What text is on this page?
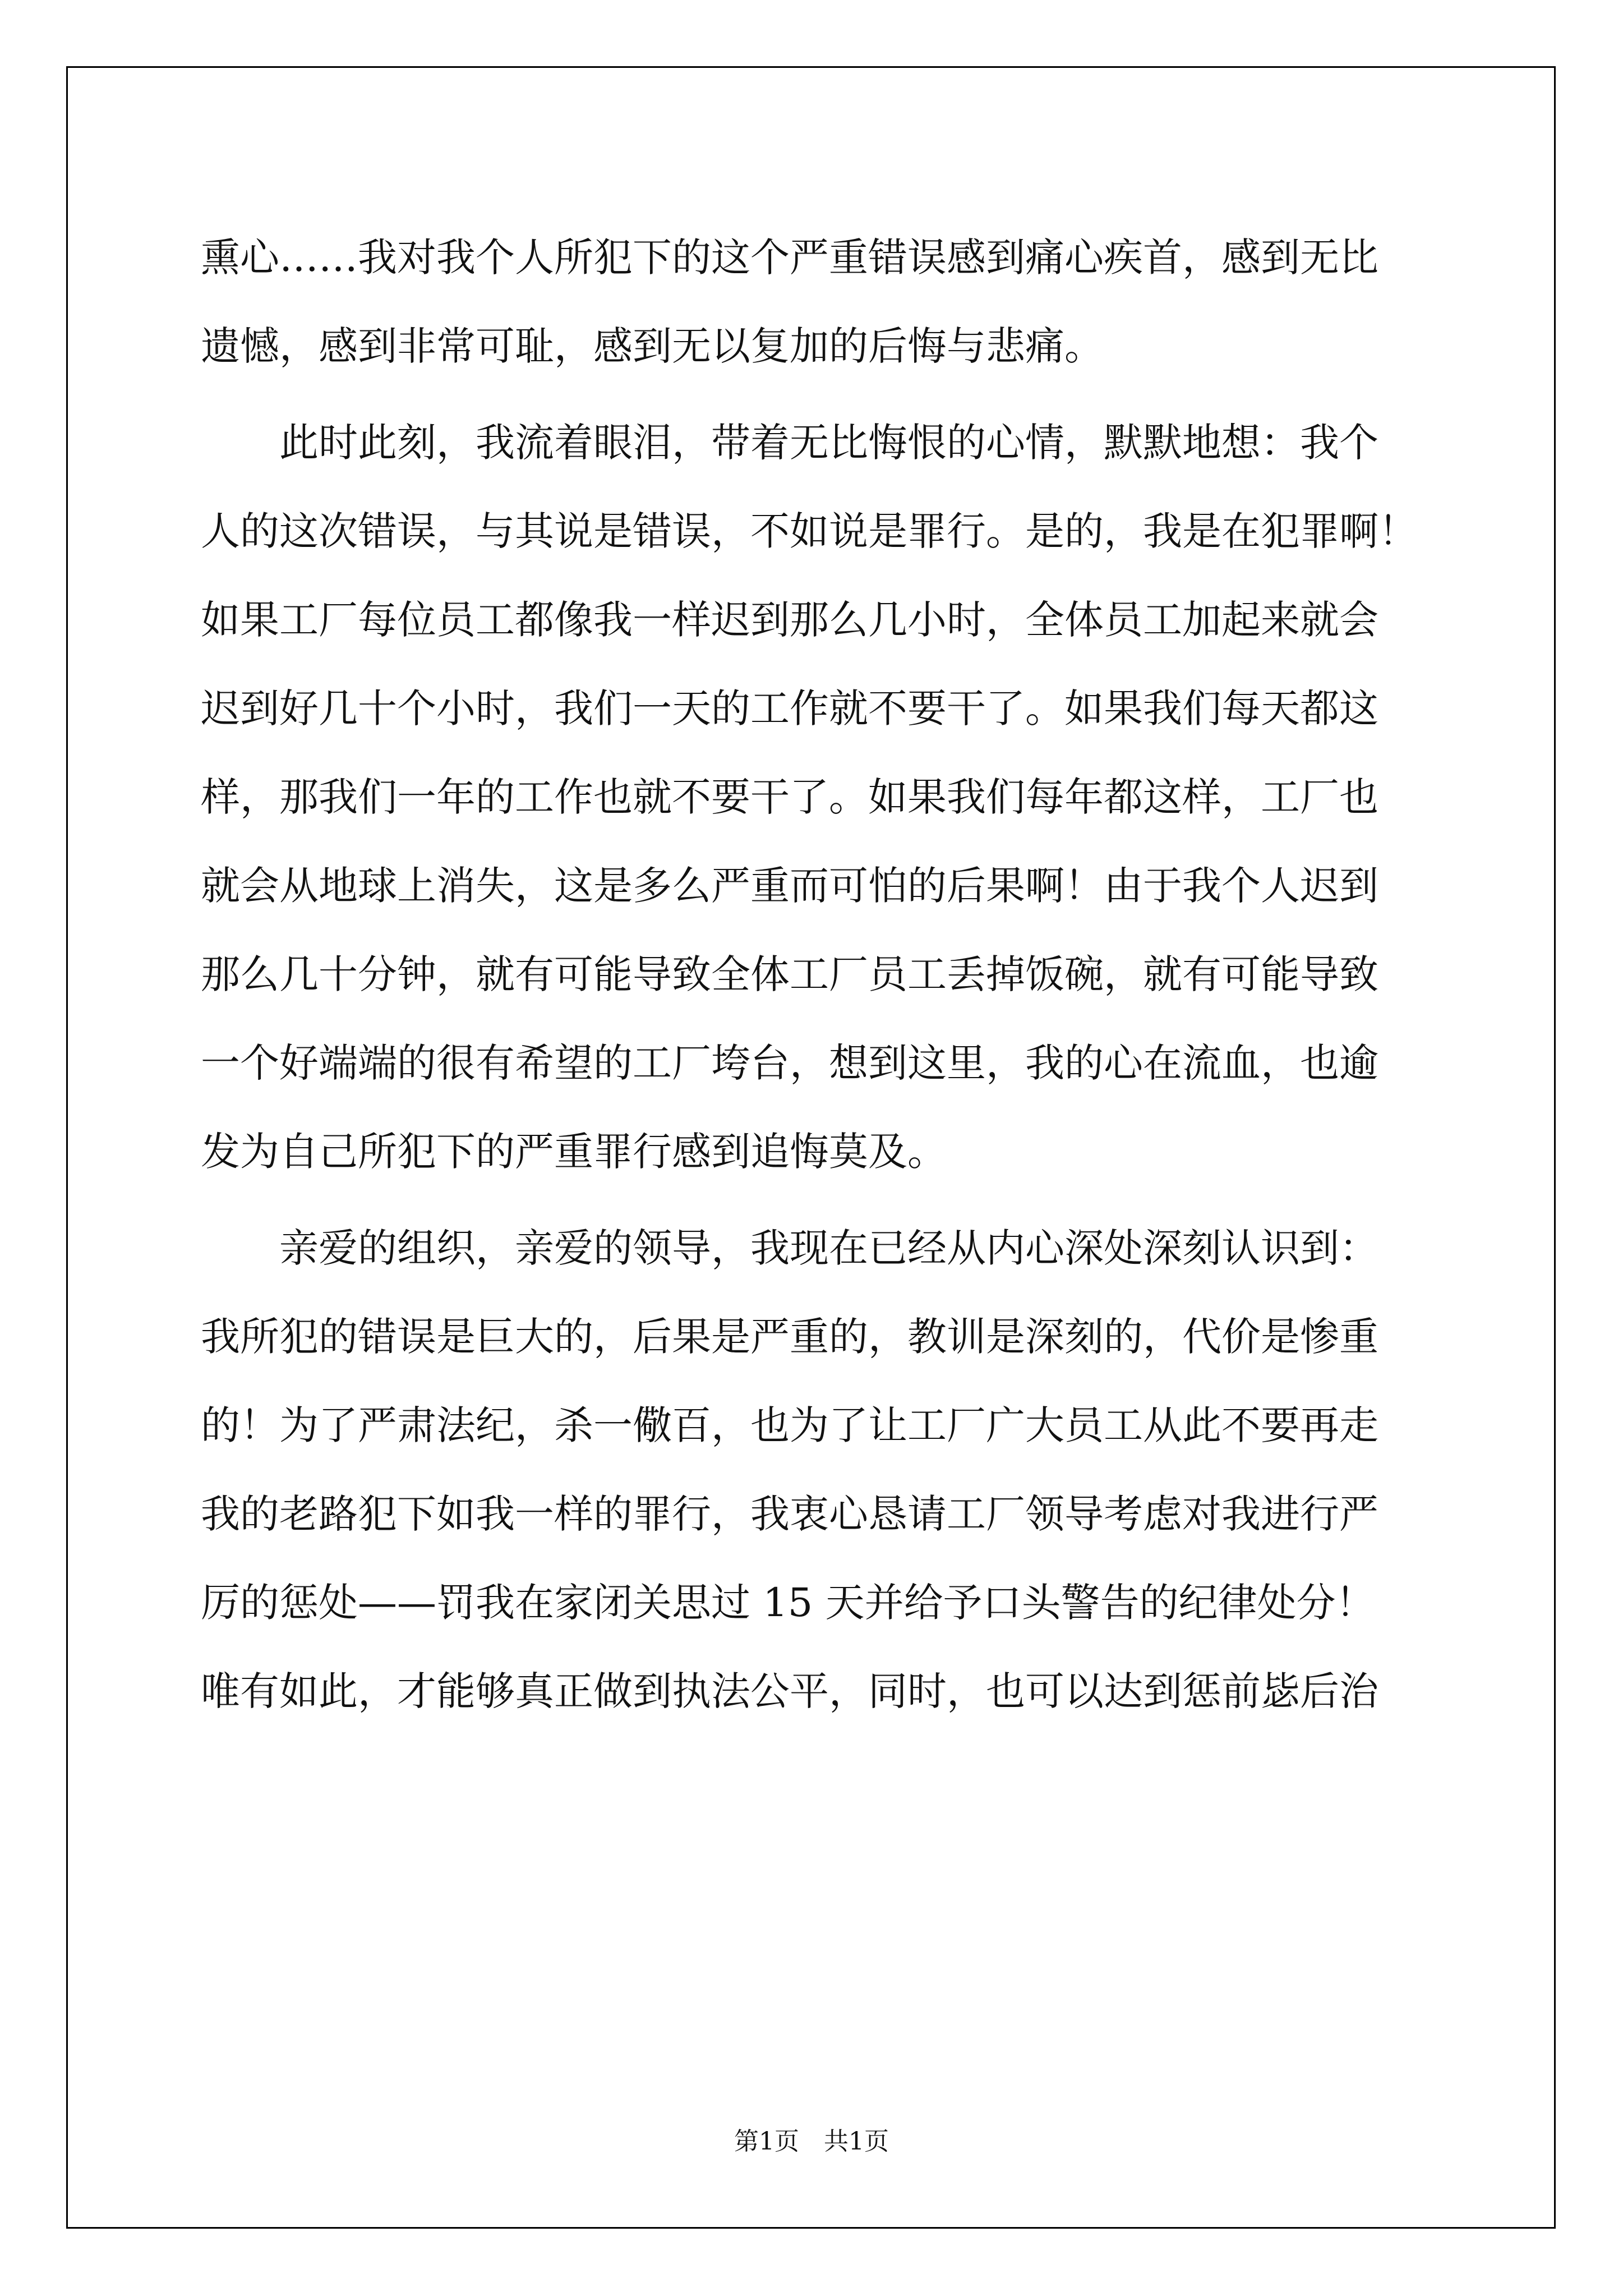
熏心……我对我个人所犯下的这个严重错误感到痛心疾首，感到无比
遗憾，感到非常可耻，感到无以复加的后悔与悲痛。
　　此时此刻，我流着眼泪，带着无比悔恨的心情，默默地想：我个
人的这次错误，与其说是错误，不如说是罪行。是的，我是在犯罪啊！
如果工厂每位员工都像我一样迟到那么几小时，全体员工加起来就会
迟到好几十个小时，我们一天的工作就不要干了。如果我们每天都这
样，那我们一年的工作也就不要干了。如果我们每年都这样，工厂也
就会从地球上消失，这是多么严重而可怕的后果啊！由于我个人迟到
那么几十分钟，就有可能导致全体工厂员工丢掉饭碗，就有可能导致
一个好端端的很有希望的工厂垮台，想到这里，我的心在流血，也逾
发为自己所犯下的严重罪行感到追悔莫及。
　　亲爱的组织，亲爱的领导，我现在已经从内心深处深刻认识到：
我所犯的错误是巨大的，后果是严重的，教训是深刻的，代价是惨重
的！为了严肃法纪，杀一儆百，也为了让工厂广大员工从此不要再走
我的老路犯下如我一样的罪行，我衷心恳请工厂领导考虑对我进行严
厉的惩处——罚我在家闭关思过 15 天并给予口头警告的纪律处分！
唯有如此，才能够真正做到执法公平，同时，也可以达到惩前毖后治
第1页　共1页
